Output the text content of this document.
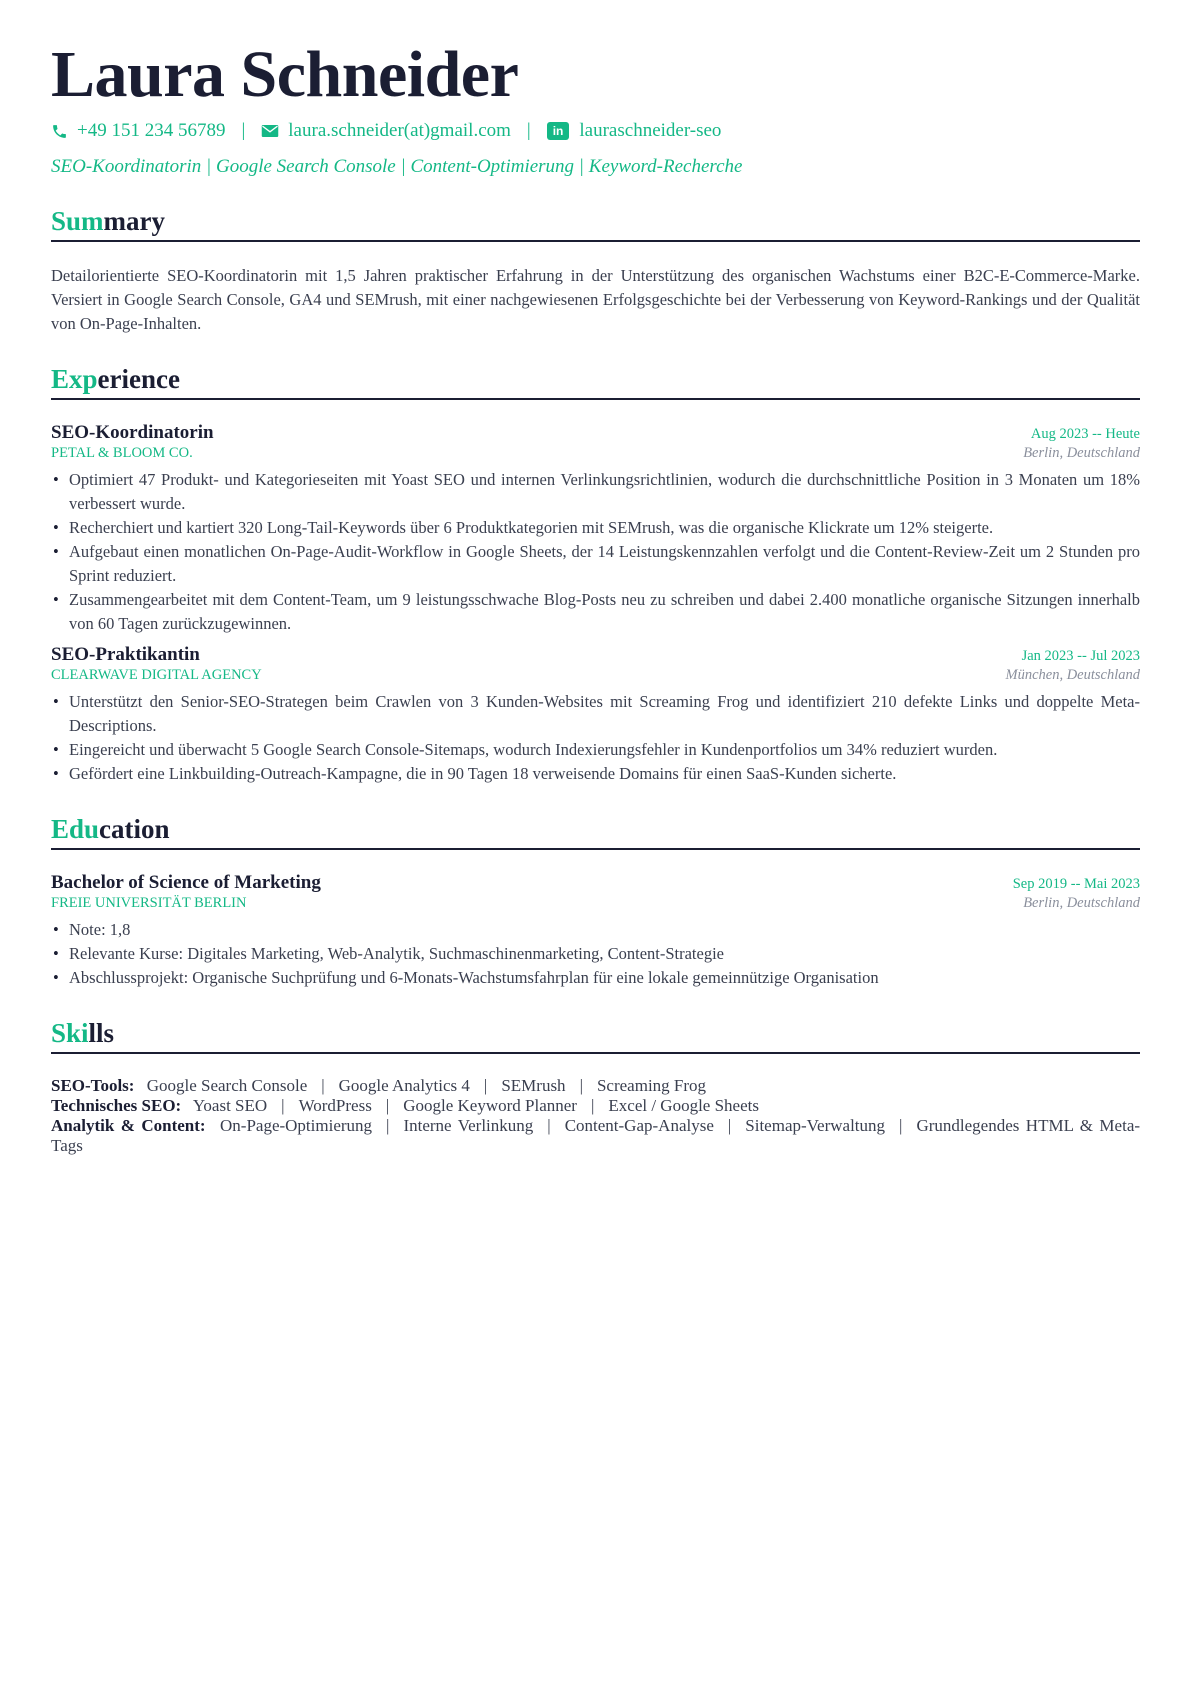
Laura Schneider
+49 151 234 56789 | laura.schneider(at)gmail.com |	in lauraschneider-seo
SEO-Koordinatorin | Google Search Console | Content-Optimierung | Keyword-Recherche
Summary
Detailorientierte SEO-Koordinatorin mit 1,5 Jahren praktischer Erfahrung in der Unterstützung des organischen Wachstums einer B2C-E-Commerce-Marke. Versiert in Google Search Console, GA4 und SEMrush, mit einer nachgewiesenen Erfolgsgeschichte bei der Verbesserung von Keyword-Rankings und der Qualität von On-Page-Inhalten.
Experience
SEO-Koordinatorin	Aug 2023 -- Heute
PETAL & BLOOM CO.	Berlin, Deutschland
• Optimiert 47 Produkt- und Kategorieseiten mit Yoast SEO und internen Verlinkungsrichtlinien, wodurch die durchschnittliche Position in 3 Monaten um 18% verbessert wurde.
• Recherchiert und kartiert 320 Long-Tail-Keywords über 6 Produktkategorien mit SEMrush, was die organische Klickrate um 12% steigerte.
• Aufgebaut einen monatlichen On-Page-Audit-Workflow in Google Sheets, der 14 Leistungskennzahlen verfolgt und die Content-Review-Zeit um 2 Stunden pro Sprint reduziert.
• Zusammengearbeitet mit dem Content-Team, um 9 leistungsschwache Blog-Posts neu zu schreiben und dabei 2.400 monatliche organische Sitzungen innerhalb von 60 Tagen zurückzugewinnen.
SEO-Praktikantin	Jan 2023 -- Jul 2023
CLEARWAVE DIGITAL AGENCY	München, Deutschland
• Unterstützt den Senior-SEO-Strategen beim Crawlen von 3 Kunden-Websites mit Screaming Frog und identifiziert 210 defekte Links und doppelte Meta-Descriptions.
• Eingereicht und überwacht 5 Google Search Console-Sitemaps, wodurch Indexierungsfehler in Kundenportfolios um 34% reduziert wurden.
• Gefördert eine Linkbuilding-Outreach-Kampagne, die in 90 Tagen 18 verweisende Domains für einen SaaS-Kunden sicherte.
Education
Bachelor of Science of Marketing	Sep 2019 -- Mai 2023
FREIE UNIVERSITÄT BERLIN	Berlin, Deutschland
• Note: 1,8
• Relevante Kurse: Digitales Marketing, Web-Analytik, Suchmaschinenmarketing, Content-Strategie
• Abschlussprojekt: Organische Suchprüfung und 6-Monats-Wachstumsfahrplan für eine lokale gemeinnützige Organisation
Skills
SEO-Tools: Google Search Console | Google Analytics 4 | SEMrush | Screaming Frog
Technisches SEO: Yoast SEO | WordPress | Google Keyword Planner | Excel / Google Sheets
Analytik & Content: On-Page-Optimierung | Interne Verlinkung | Content-Gap-Analyse | Sitemap-Verwaltung | Grundlegendes HTML & Meta-Tags
